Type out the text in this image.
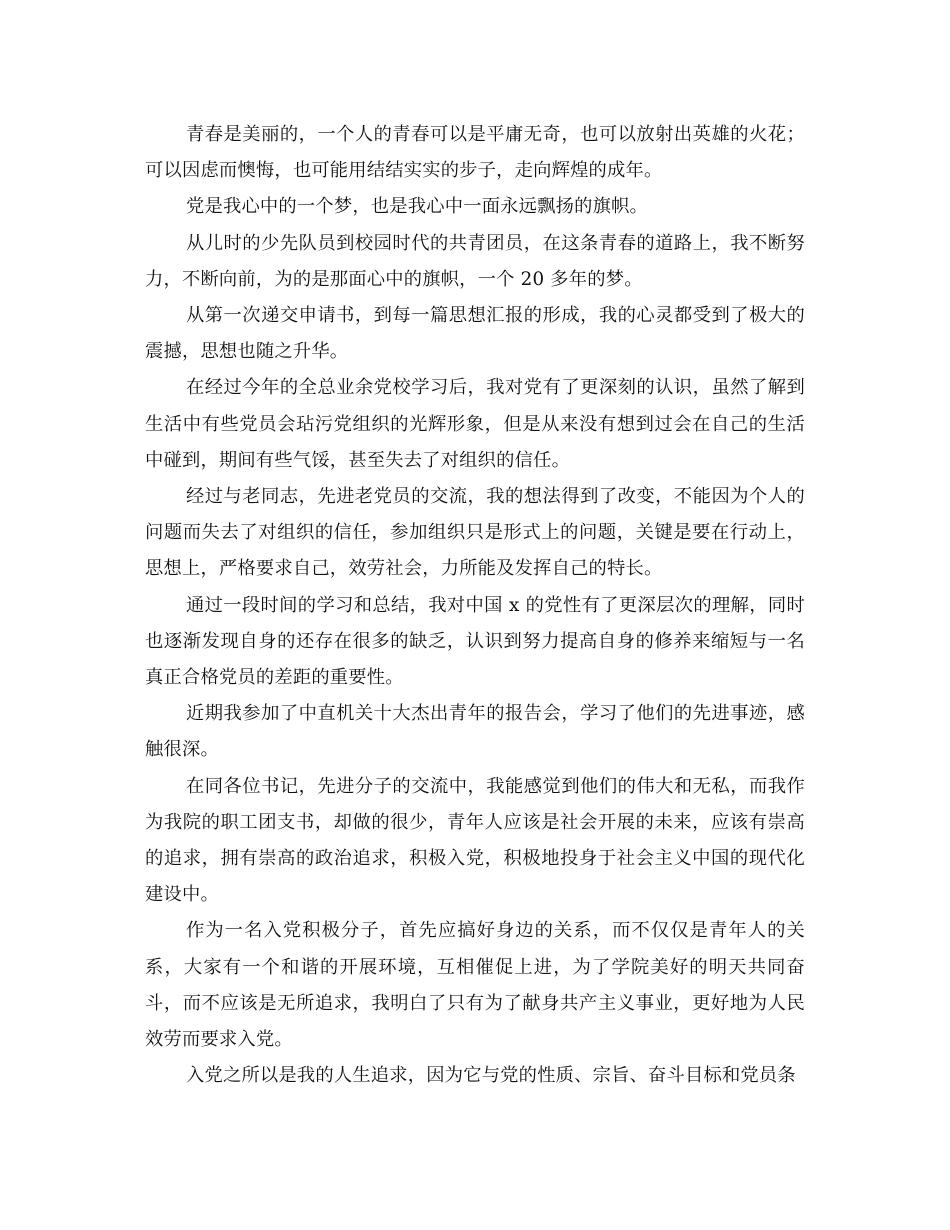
青春是美丽的，一个人的青春可以是平庸无奇，也可以放射出英雄的火花；可以因虑而懊悔，也可能用结结实实的步子，走向辉煌的成年。

党是我心中的一个梦，也是我心中一面永远飘扬的旗帜。

从儿时的少先队员到校园时代的共青团员，在这条青春的道路上，我不断努力，不断向前，为的是那面心中的旗帜，一个 20 多年的梦。

从第一次递交申请书，到每一篇思想汇报的形成，我的心灵都受到了极大的震撼，思想也随之升华。

在经过今年的全总业余党校学习后，我对党有了更深刻的认识，虽然了解到生活中有些党员会玷污党组织的光辉形象，但是从来没有想到过会在自己的生活中碰到，期间有些气馁，甚至失去了对组织的信任。

经过与老同志，先进老党员的交流，我的想法得到了改变，不能因为个人的问题而失去了对组织的信任，参加组织只是形式上的问题，关键是要在行动上，思想上，严格要求自己，效劳社会，力所能及发挥自己的特长。

通过一段时间的学习和总结，我对中国 x 的党性有了更深层次的理解，同时也逐渐发现自身的还存在很多的缺乏，认识到努力提高自身的修养来缩短与一名真正合格党员的差距的重要性。

近期我参加了中直机关十大杰出青年的报告会，学习了他们的先进事迹，感触很深。

在同各位书记，先进分子的交流中，我能感觉到他们的伟大和无私，而我作为我院的职工团支书，却做的很少，青年人应该是社会开展的未来，应该有崇高的追求，拥有崇高的政治追求，积极入党，积极地投身于社会主义中国的现代化建设中。

作为一名入党积极分子，首先应搞好身边的关系，而不仅仅是青年人的关系，大家有一个和谐的开展环境，互相催促上进，为了学院美好的明天共同奋斗，而不应该是无所追求，我明白了只有为了献身共产主义事业，更好地为人民效劳而要求入党。

入党之所以是我的人生追求，因为它与党的性质、宗旨、奋斗目标和党员条
